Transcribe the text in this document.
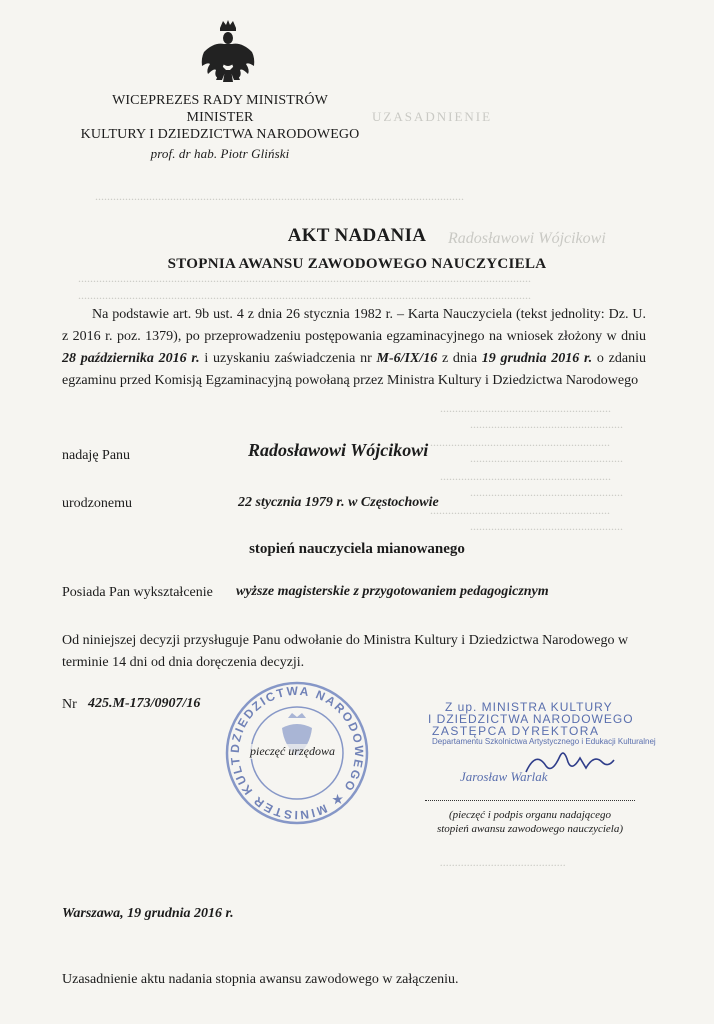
UZASADNIENIE
...........................................................................................................................
Radosławowi Wójcikowi
.......................................................................................................................................................
.......................................................................................................................................................
.........................................................
...................................................
............................................................
...................................................
.........................................................
...................................................
............................................................
...................................................
..........................................
WICEPREZES RADY MINISTRÓW
MINISTER
KULTURY I DZIEDZICTWA NARODOWEGO
prof. dr hab. Piotr Gliński
AKT NADANIA
STOPNIA AWANSU ZAWODOWEGO NAUCZYCIELA
Na podstawie art. 9b ust. 4 z dnia 26 stycznia 1982 r. – Karta Nauczyciela (tekst jednolity: Dz. U. z 2016 r. poz. 1379), po przeprowadzeniu postępowania egzaminacyjnego na wniosek złożony w dniu 28 października 2016 r. i uzyskaniu zaświadczenia nr M-6/IX/16 z dnia 19 grudnia 2016 r. o zdaniu egzaminu przed Komisją Egzaminacyjną powołaną przez Ministra Kultury i Dziedzictwa Narodowego
nadaję Panu	Radosławowi Wójcikowi
urodzonemu	22 stycznia 1979 r. w Częstochowie
stopień nauczyciela mianowanego
Posiada Pan wykształcenie wyższe magisterskie z przygotowaniem pedagogicznym
Od niniejszej decyzji przysługuje Panu odwołanie do Ministra Kultury i Dziedzictwa Narodowego w terminie 14 dni od dnia doręczenia decyzji.
Nr 425.M-173/0907/16
DZIEDZICTWA NARODOWEGO ★ MINISTER KULT
pieczęć urzędowa
Z up. MINISTRA KULTURY
I DZIEDZICTWA NARODOWEGO
ZASTĘPCA DYREKTORA
Departamentu Szkolnictwa Artystycznego i Edukacji Kulturalnej
Jarosław Warlak
(pieczęć i podpis organu nadającego
stopień awansu zawodowego nauczyciela)
Warszawa, 19 grudnia 2016 r.
Uzasadnienie aktu nadania stopnia awansu zawodowego w załączeniu.
